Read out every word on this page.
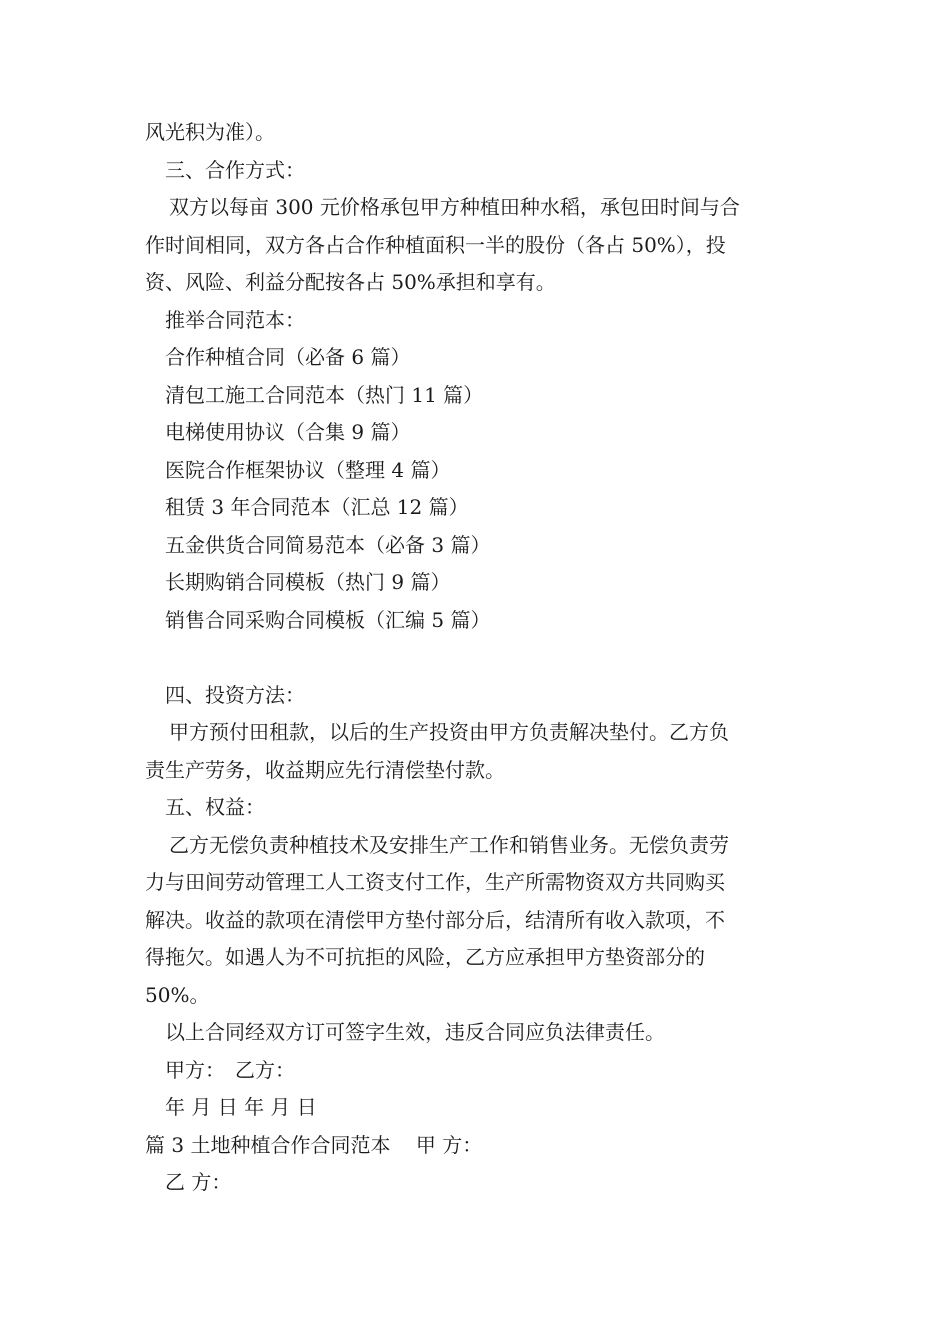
风光积为准）。

三、合作方式：

双方以每亩 300 元价格承包甲方种植田种水稻，承包田时间与合

作时间相同，双方各占合作种植面积一半的股份（各占 50%），投

资、风险、利益分配按各占 50%承担和享有。

推举合同范本：

合作种植合同（必备 6 篇）

清包工施工合同范本（热门 11 篇）

电梯使用协议（合集 9 篇）

医院合作框架协议（整理 4 篇）

租赁 3 年合同范本（汇总 12 篇）

五金供货合同简易范本（必备 3 篇）

长期购销合同模板（热门 9 篇）

销售合同采购合同模板（汇编 5 篇）

四、投资方法：

甲方预付田租款，以后的生产投资由甲方负责解决垫付。乙方负

责生产劳务，收益期应先行清偿垫付款。

五、权益：

乙方无偿负责种植技术及安排生产工作和销售业务。无偿负责劳

力与田间劳动管理工人工资支付工作，生产所需物资双方共同购买

解决。收益的款项在清偿甲方垫付部分后，结清所有收入款项，不

得拖欠。如遇人为不可抗拒的风险，乙方应承担甲方垫资部分的

50%。

以上合同经双方订可签字生效，违反合同应负法律责任。

甲方： 乙方：

年 月 日 年 月 日

篇 3 土地种植合作合同范本 甲 方：

乙 方：
